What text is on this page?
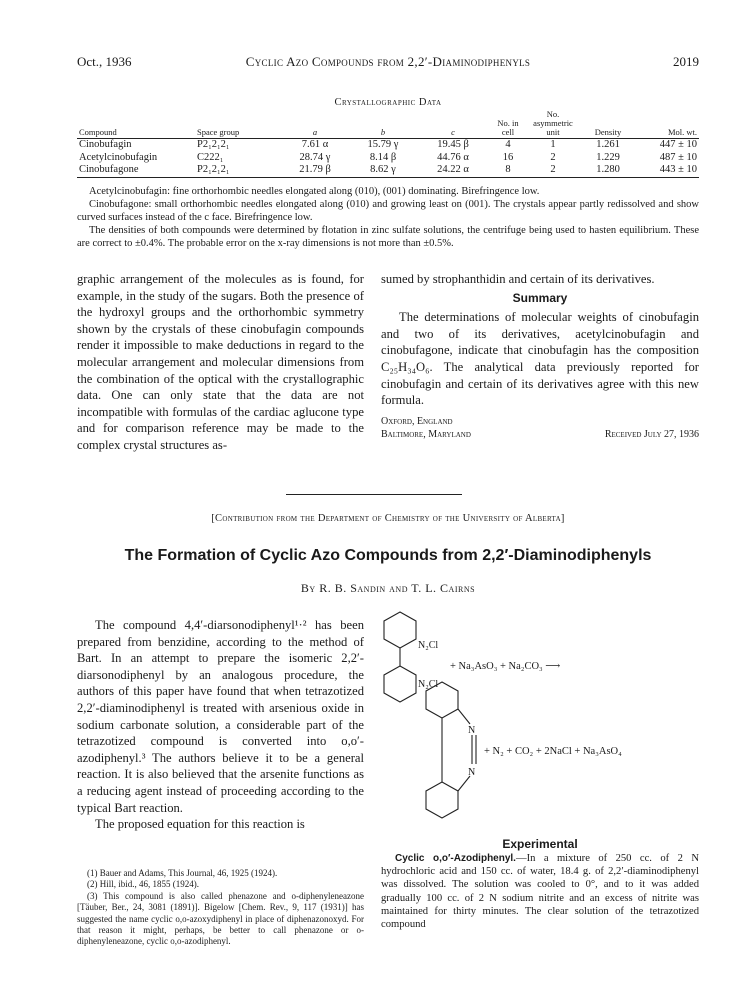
Oct., 1936	Cyclic Azo Compounds from 2,2′-Diaminodiphenyls	2019
Crystallographic Data
Compound	Space group	a	b	c	No. in cell	No. asymmetric unit	Density	Mol. wt.
Cinobufagin	P2₁2₁2₁	7.61 α	15.79 γ	19.45 β	4	1	1.261	447 ± 10
Acetylcinobufagin	C222₁	28.74 γ	8.14 β	44.76 α	16	2	1.229	487 ± 10
Cinobufagone	P2₁2₁2₁	21.79 β	8.62 γ	24.22 α	8	2	1.280	443 ± 10

Acetylcinobufagin: fine orthorhombic needles elongated along (010), (001) dominating. Birefringence low.

Cinobufagone: small orthorhombic needles elongated along (010) and growing least on (001). The crystals appear partly redissolved and show curved surfaces instead of the c face. Birefringence low.

The densities of both compounds were determined by flotation in zinc sulfate solutions, the centrifuge being used to hasten equilibrium. These are correct to ±0.4%. The probable error on the x-ray dimensions is not more than ±0.5%.

graphic arrangement of the molecules as is found, for example, in the study of the sugars. Both the presence of the hydroxyl groups and the orthorhombic symmetry shown by the crystals of these cinobufagin compounds render it impossible to make deductions in regard to the molecular arrangement and molecular dimensions from the combination of the optical with the crystallographic data. One can only state that the data are not incompatible with formulas of the cardiac aglucone type and for comparison reference may be made to the complex crystal structures as-

sumed by strophanthidin and certain of its derivatives.

Summary

The determinations of molecular weights of cinobufagin and two of its derivatives, acetylcinobufagin and cinobufagone, indicate that cinobufagin has the composition C₂₅H₃₄O₆. The analytical data previously reported for cinobufagin and certain of its derivatives agree with this new formula.

Oxford, England
Baltimore, Maryland	Received July 27, 1936
[Contribution from the Department of Chemistry of the University of Alberta]
The Formation of Cyclic Azo Compounds from 2,2′-Diaminodiphenyls
By R. B. Sandin and T. L. Cairns

The compound 4,4′-diarsonodiphenyl¹·² has been prepared from benzidine, according to the method of Bart. In an attempt to prepare the isomeric 2,2′-diarsonodiphenyl by an analogous procedure, the authors of this paper have found that when tetrazotized 2,2′-diaminodiphenyl is treated with arsenious oxide in sodium carbonate solution, a considerable part of the tetrazotized compound is converted into o,o′-azodiphenyl.³ The authors believe it to be a general reaction. It is also believed that the arsenite functions as a reducing agent instead of proceeding according to the typical Bart reaction.

The proposed equation for this reaction is

(1) Bauer and Adams, This Journal, 46, 1925 (1924).

(2) Hill, ibid., 46, 1855 (1924).

(3) This compound is also called phenazone and o-diphenyleneazone [Täuber, Ber., 24, 3081 (1891)]. Bigelow [Chem. Rev., 9, 117 (1931)] has suggested the name cyclic o,o-azoxydiphenyl in place of diphenazonoxyd. For that reason it might, perhaps, be better to call phenazone or o-diphenyleneazone, cyclic o,o-azodiphenyl.

N₂Cl
N₂Cl
+ Na₃AsO₃ + Na₂CO₃ ⟶
N
N
+ N₂ + CO₂ + 2NaCl + Na₃AsO₄
Experimental

Cyclic o,o′-Azodiphenyl.—In a mixture of 250 cc. of 2 N hydrochloric acid and 150 cc. of water, 18.4 g. of 2,2′-diaminodiphenyl was dissolved. The solution was cooled to 0°, and to it was added gradually 100 cc. of 2 N sodium nitrite and an excess of nitrite was maintained for thirty minutes. The clear solution of the tetrazotized compound
